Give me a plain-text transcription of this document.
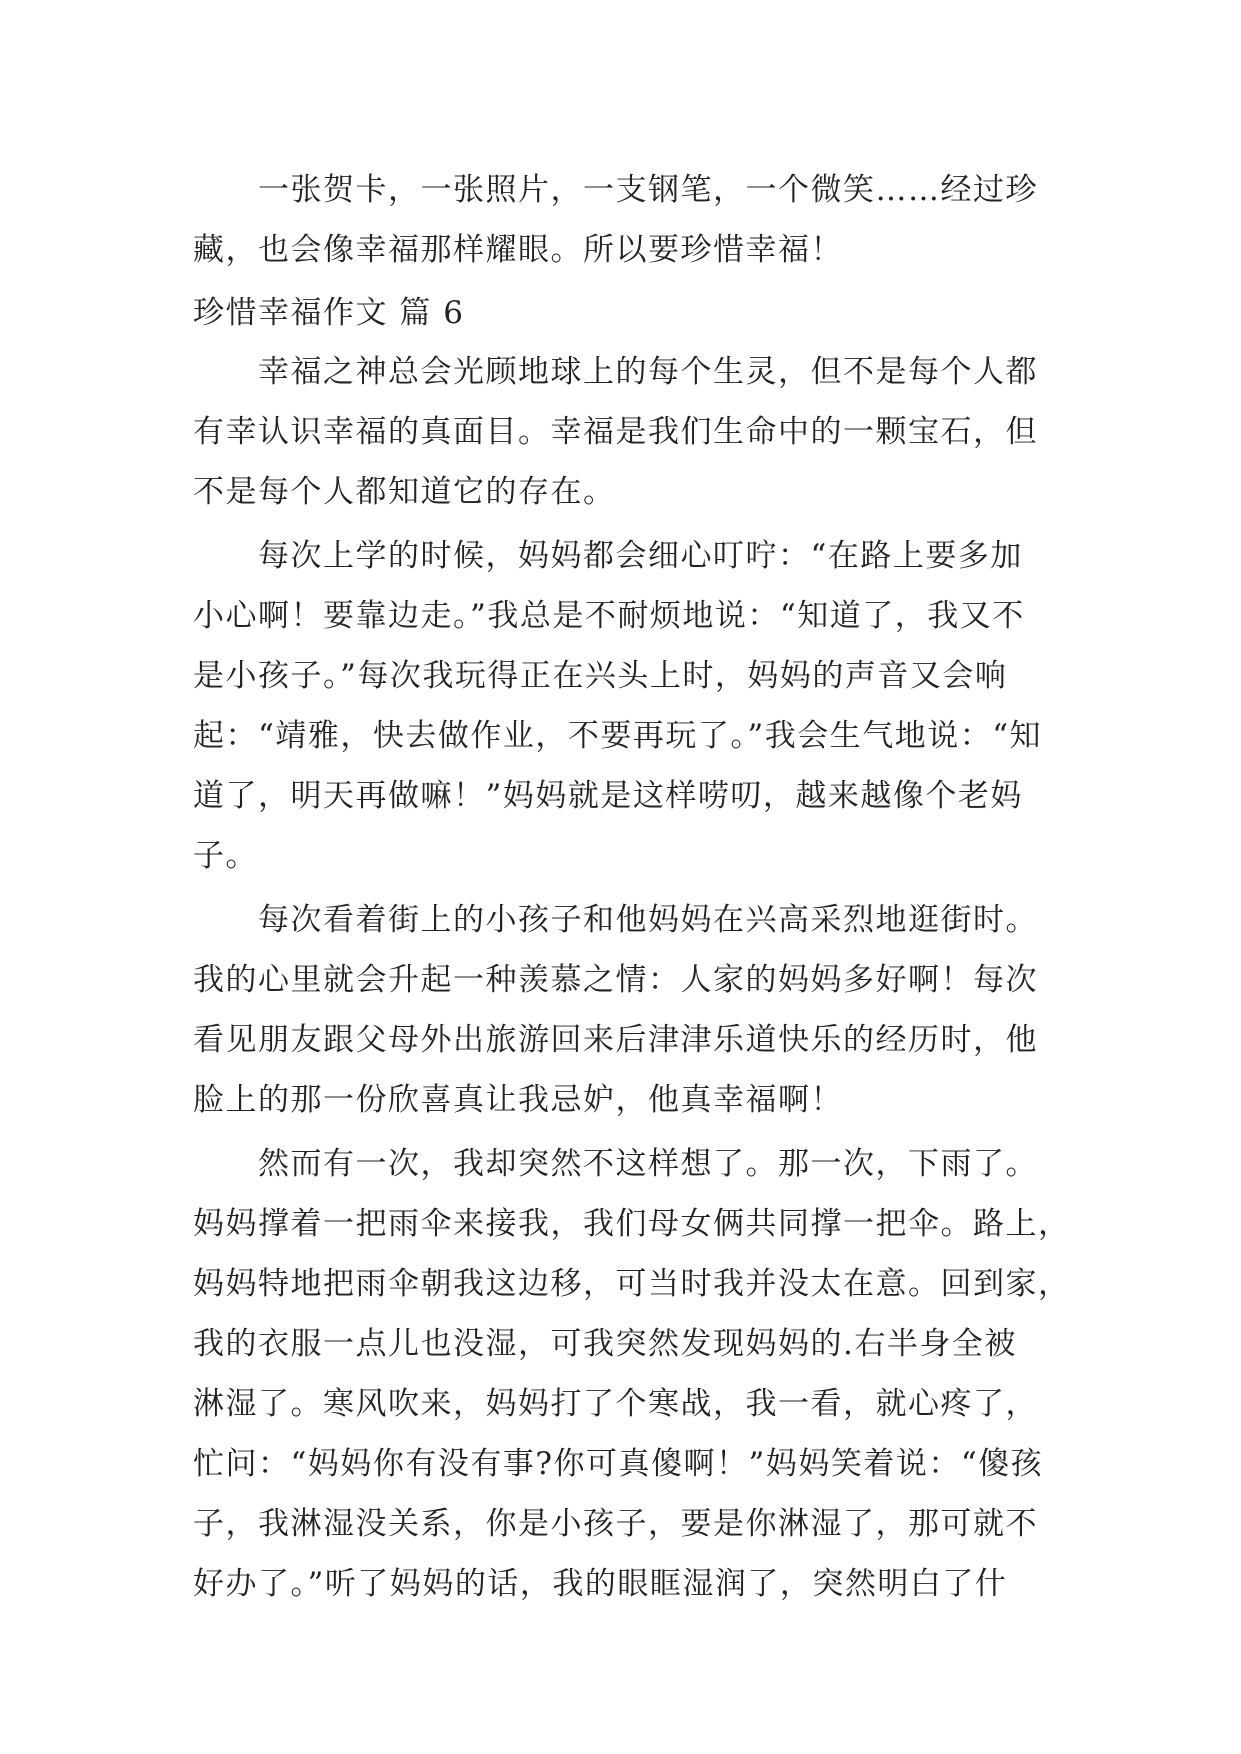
一张贺卡，一张照片，一支钢笔，一个微笑……经过珍
藏，也会像幸福那样耀眼。所以要珍惜幸福！
珍惜幸福作文 篇 6
幸福之神总会光顾地球上的每个生灵，但不是每个人都
有幸认识幸福的真面目。幸福是我们生命中的一颗宝石，但
不是每个人都知道它的存在。
每次上学的时候，妈妈都会细心叮咛：“在路上要多加
小心啊！要靠边走。”我总是不耐烦地说：“知道了，我又不
是小孩子。”每次我玩得正在兴头上时，妈妈的声音又会响
起：“靖雅，快去做作业，不要再玩了。”我会生气地说：“知
道了，明天再做嘛！”妈妈就是这样唠叨，越来越像个老妈
子。
每次看着街上的小孩子和他妈妈在兴高采烈地逛街时。
我的心里就会升起一种羡慕之情：人家的妈妈多好啊！每次
看见朋友跟父母外出旅游回来后津津乐道快乐的经历时，他
脸上的那一份欣喜真让我忌妒，他真幸福啊！
然而有一次，我却突然不这样想了。那一次，下雨了。
妈妈撑着一把雨伞来接我，我们母女俩共同撑一把伞。路上，
妈妈特地把雨伞朝我这边移，可当时我并没太在意。回到家，
我的衣服一点儿也没湿，可我突然发现妈妈的.右半身全被
淋湿了。寒风吹来，妈妈打了个寒战，我一看，就心疼了，
忙问：“妈妈你有没有事?你可真傻啊！”妈妈笑着说：“傻孩
子，我淋湿没关系，你是小孩子，要是你淋湿了，那可就不
好办了。”听了妈妈的话，我的眼眶湿润了，突然明白了什
